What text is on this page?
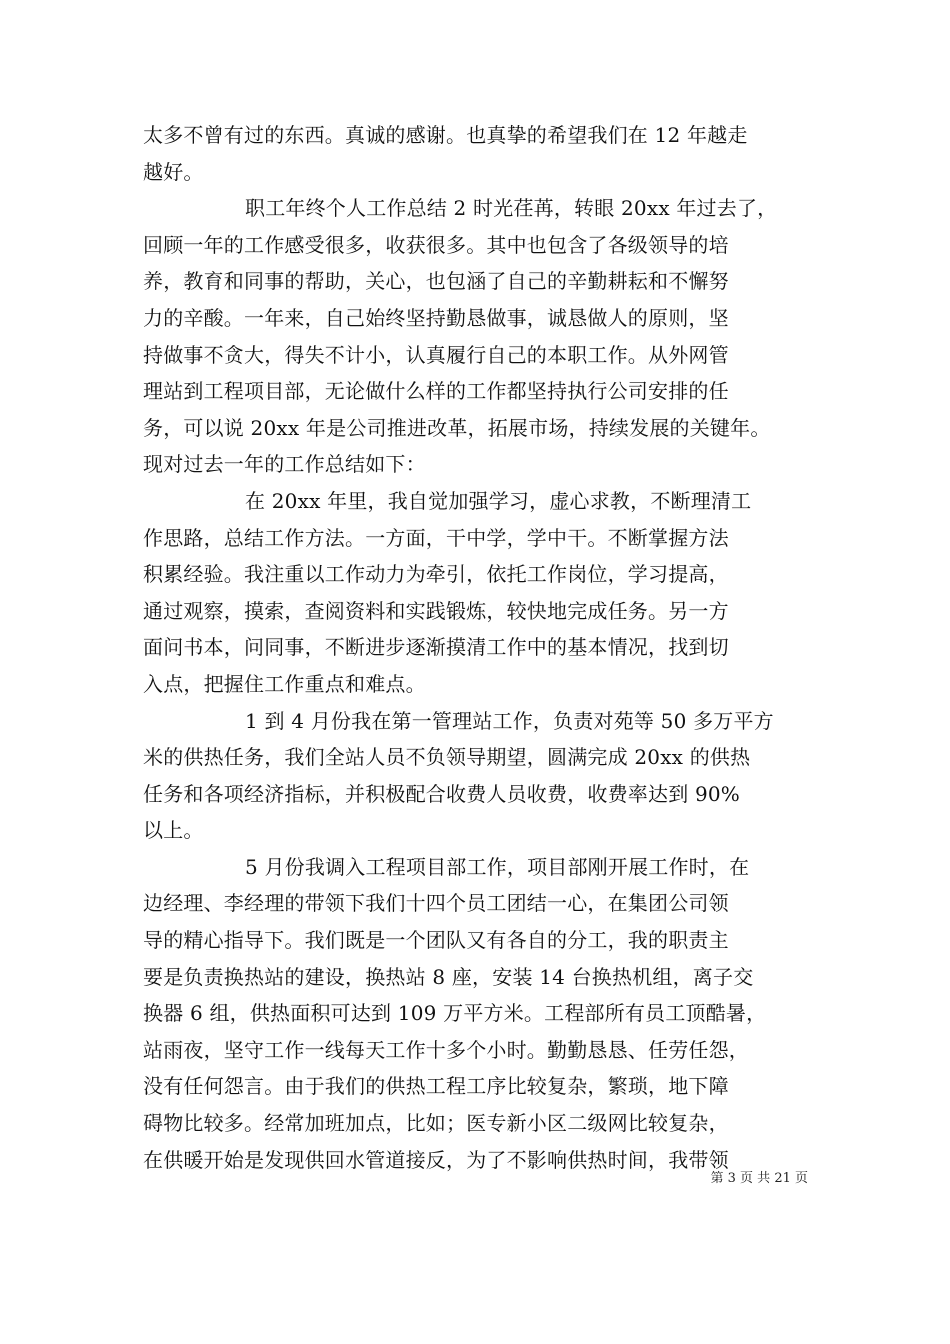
太多不曾有过的东西。真诚的感谢。也真挚的希望我们在 12 年越走
越好。
职工年终个人工作总结 2 时光荏苒，转眼 20xx 年过去了，
回顾一年的工作感受很多，收获很多。其中也包含了各级领导的培
养，教育和同事的帮助，关心，也包涵了自己的辛勤耕耘和不懈努
力的辛酸。一年来，自己始终坚持勤恳做事，诚恳做人的原则，坚
持做事不贪大，得失不计小，认真履行自己的本职工作。从外网管
理站到工程项目部，无论做什么样的工作都坚持执行公司安排的任
务，可以说 20xx 年是公司推进改革，拓展市场，持续发展的关键年。
现对过去一年的工作总结如下：
在 20xx 年里，我自觉加强学习，虚心求教，不断理清工
作思路，总结工作方法。一方面，干中学，学中干。不断掌握方法
积累经验。我注重以工作动力为牵引，依托工作岗位，学习提高，
通过观察，摸索，查阅资料和实践锻炼，较快地完成任务。另一方
面问书本，问同事，不断进步逐渐摸清工作中的基本情况，找到切
入点，把握住工作重点和难点。
1 到 4 月份我在第一管理站工作，负责对苑等 50 多万平方
米的供热任务，我们全站人员不负领导期望，圆满完成 20xx 的供热
任务和各项经济指标，并积极配合收费人员收费，收费率达到 90%
以上。
5 月份我调入工程项目部工作，项目部刚开展工作时，在
边经理、李经理的带领下我们十四个员工团结一心，在集团公司领
导的精心指导下。我们既是一个团队又有各自的分工，我的职责主
要是负责换热站的建设，换热站 8 座，安装 14 台换热机组，离子交
换器 6 组，供热面积可达到 109 万平方米。工程部所有员工顶酷暑，
站雨夜，坚守工作一线每天工作十多个小时。勤勤恳恳、任劳任怨，
没有任何怨言。由于我们的供热工程工序比较复杂，繁琐，地下障
碍物比较多。经常加班加点，比如；医专新小区二级网比较复杂，
在供暖开始是发现供回水管道接反，为了不影响供热时间，我带领
第 3 页 共 21 页
